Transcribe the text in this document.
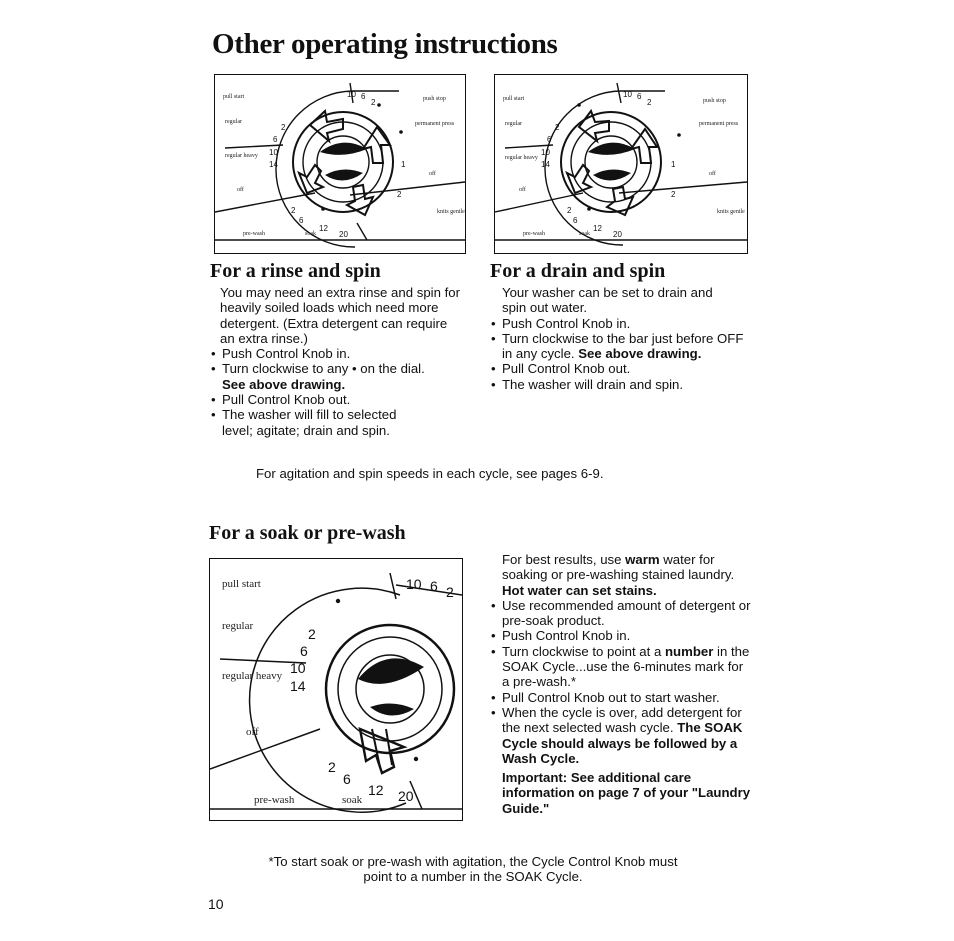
Other operating instructions
pull start	push stop
regular	permanent press
regular heavy
off
off
knits gentle
pre-wash	soak
10 6
2
2
6
10
14	1
2
2
6
12
20
pull start	push stop
regular	permanent press
regular heavy
off
off
knits gentle
pre-wash	soak
10 6
2
2
6
10
14	1
2
2
6
12
20
For a rinse and spin

You may need an extra rinse and spin for heavily soiled loads which need more detergent. (Extra detergent can require an extra rinse.)

• Push Control Knob in.
• Turn clockwise to any • on the dial.
See above drawing.
• Pull Control Knob out.
• The washer will fill to selected level; agitate; drain and spin.
For a drain and spin

Your washer can be set to drain and spin out water.

• Push Control Knob in.
• Turn clockwise to the bar just before OFF in any cycle. See above drawing.
• Pull Control Knob out.
• The washer will drain and spin.
For agitation and spin speeds in each cycle, see pages 6-9.
For a soak or pre-wash
pull start
regular
regular heavy
off
pre-wash	soak
10 6 2
2
6
10
14
2
6
12 20

For best results, use warm water for soaking or pre-washing stained laundry. Hot water can set stains.

• Use recommended amount of detergent or pre-soak product.
• Push Control Knob in.
• Turn clockwise to point at a number in the SOAK Cycle...use the 6-minutes mark for a pre-wash.*
• Pull Control Knob out to start washer.
• When the cycle is over, add detergent for the next selected wash cycle. The SOAK Cycle should always be followed by a Wash Cycle.

Important: See additional care information on page 7 of your "Laundry Guide."

*To start soak or pre-wash with agitation, the Cycle Control Knob must point to a number in the SOAK Cycle.
10
